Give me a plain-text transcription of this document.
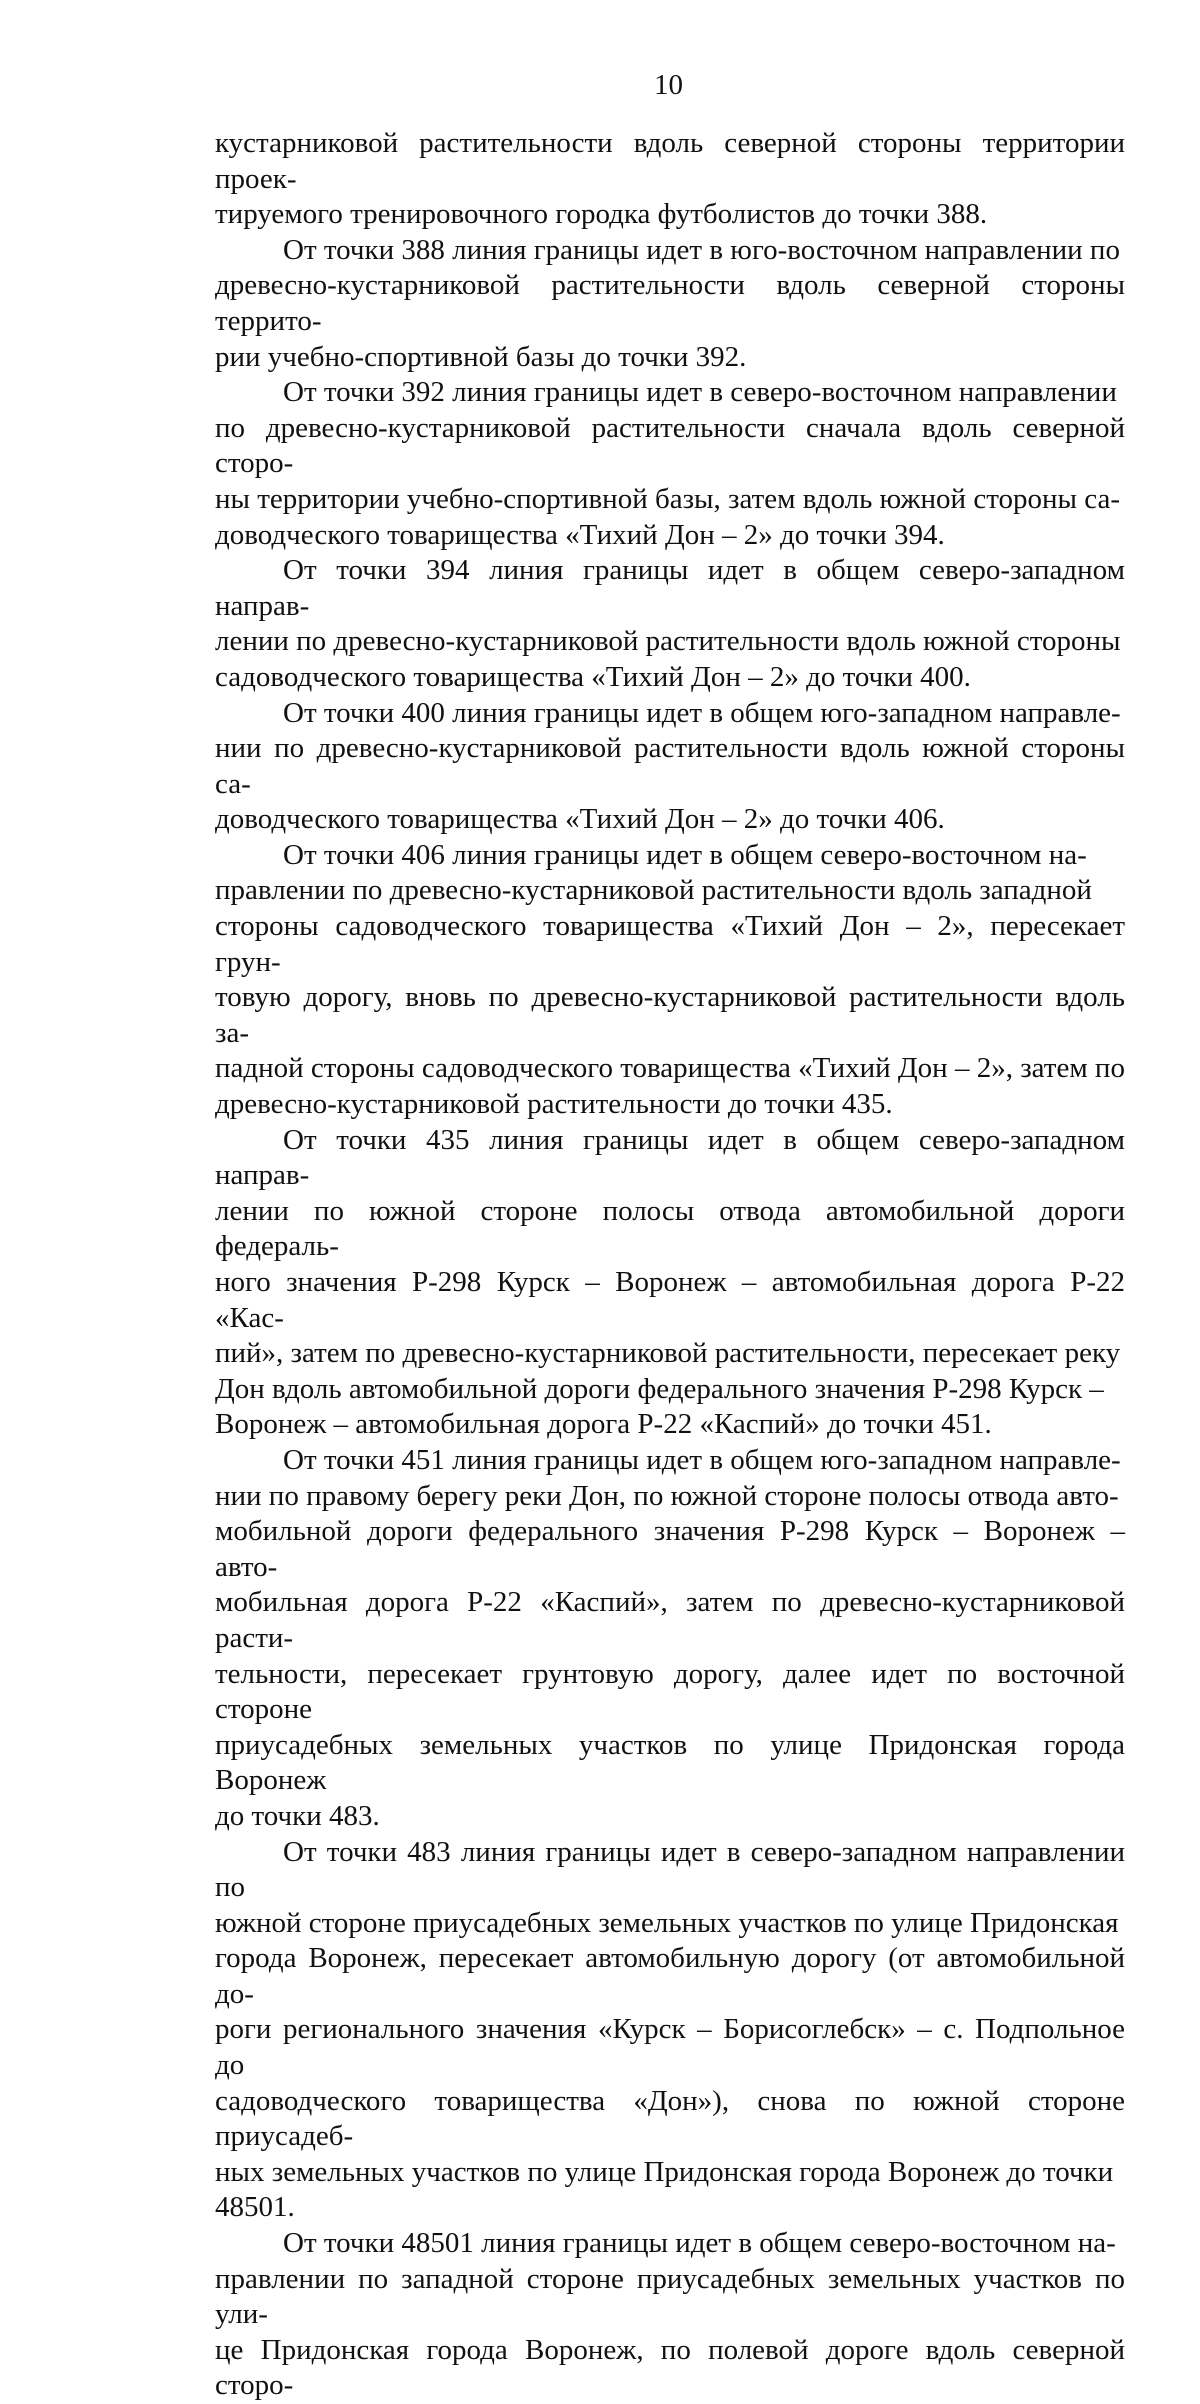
10

кустарниковой растительности вдоль северной стороны территории проек-
тируемого тренировочного городка футболистов до точки 388.

От точки 388 линия границы идет в юго-восточном направлении по
древесно-кустарниковой растительности вдоль северной стороны террито-
рии учебно-спортивной базы до точки 392.

От точки 392 линия границы идет в северо-восточном направлении
по древесно-кустарниковой растительности сначала вдоль северной сторо-
ны территории учебно-спортивной базы, затем вдоль южной стороны са-
доводческого товарищества «Тихий Дон – 2» до точки 394.

От точки 394 линия границы идет в общем северо-западном направ-
лении по древесно-кустарниковой растительности вдоль южной стороны
садоводческого товарищества «Тихий Дон – 2» до точки 400.

От точки 400 линия границы идет в общем юго-западном направле-
нии по древесно-кустарниковой растительности вдоль южной стороны са-
доводческого товарищества «Тихий Дон – 2» до точки 406.

От точки 406 линия границы идет в общем северо-восточном на-
правлении по древесно-кустарниковой растительности вдоль западной
стороны садоводческого товарищества «Тихий Дон – 2», пересекает грун-
товую дорогу, вновь по древесно-кустарниковой растительности вдоль за-
падной стороны садоводческого товарищества «Тихий Дон – 2», затем по
древесно-кустарниковой растительности до точки 435.

От точки 435 линия границы идет в общем северо-западном направ-
лении по южной стороне полосы отвода автомобильной дороги федераль-
ного значения Р-298 Курск – Воронеж – автомобильная дорога Р-22 «Кас-
пий», затем по древесно-кустарниковой растительности, пересекает реку
Дон вдоль автомобильной дороги федерального значения Р-298 Курск –
Воронеж – автомобильная дорога Р-22 «Каспий» до точки 451.

От точки 451 линия границы идет в общем юго-западном направле-
нии по правому берегу реки Дон, по южной стороне полосы отвода авто-
мобильной дороги федерального значения Р-298 Курск – Воронеж – авто-
мобильная дорога Р-22 «Каспий», затем по древесно-кустарниковой расти-
тельности, пересекает грунтовую дорогу, далее идет по восточной стороне
приусадебных земельных участков по улице Придонская города Воронеж
до точки 483.

От точки 483 линия границы идет в северо-западном направлении по
южной стороне приусадебных земельных участков по улице Придонская
города Воронеж, пересекает автомобильную дорогу (от автомобильной до-
роги регионального значения «Курск – Борисоглебск» – с. Подпольное до
садоводческого товарищества «Дон»), снова по южной стороне приусадеб-
ных земельных участков по улице Придонская города Воронеж до точки
48501.

От точки 48501 линия границы идет в общем северо-восточном на-
правлении по западной стороне приусадебных земельных участков по ули-
це Придонская города Воронеж, по полевой дороге вдоль северной сторо-
